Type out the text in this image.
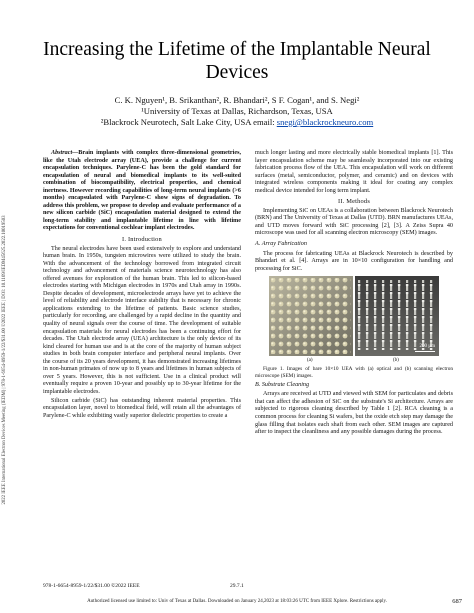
2022 IEEE International Electron Devices Meeting (IEDM) | 978-1-6654-8959-1/22/$31.00 ©2022 IEEE | DOI: 10.1109/IEDM45625.2022.10019503
Increasing the Lifetime of the Implantable Neural Devices
C. K. Nguyen¹, B. Srikanthan², R. Bhandari², S F. Cogan¹, and S. Negi²
¹University of Texas at Dallas, Richardson, Texas, USA
²Blackrock Neurotech, Salt Lake City, USA email: snegi@blackrockneuro.com

Abstract—Brain implants with complex three-dimensional geometries, like the Utah electrode array (UEA), provide a challenge for current encapsulation techniques. Parylene-C has been the gold standard for encapsulation of neural and biomedical implants to its well-suited combination of biocompatibility, electrical properties, and chemical inertness. However recording capabilities of long-term neural implants (>6 months) encapsulated with Parylene-C show signs of degradation. To address this problem, we propose to develop and evaluate performance of a new silicon carbide (SiC) encapsulation material designed to extend the long-term stability and implantable lifetime in line with lifetime expectations for conventional cochlear implant electrodes.

I. Introduction

The neural electrodes have been used extensively to explore and understand human brain. In 1950s, tungsten microwires were utilized to study the brain. With the advancement of the technology borrowed from integrated circuit technology and advancement of materials science neurotechnology has also offered avenues for exploration of the human brain. This led to silicon-based electrodes starting with Michigan electrodes in 1970s and Utah array in 1990s. Despite decades of development, microelectrode arrays have yet to achieve the level of reliability and electrode interface stability that is necessary for chronic applications extending to the lifetime of patients. Basic science studies, particularly for recording, are challenged by a rapid decline in the quantity and quality of neural signals over the course of time. The development of suitable encapsulation materials for neural electrodes has been a continuing effort for decades. The Utah electrode array (UEA) architecture is the only device of its kind cleared for human use and is at the core of the majority of human subject studies in both brain computer interface and peripheral neural implants. Over the course of its 20 years development, it has demonstrated increasing lifetimes in non-human primates of now up to 8 years and lifetimes in human subjects of over 5 years. However, this is not sufficient. Use in a clinical product will eventually require a proven 10-year and possibly up to 30-year lifetime for the implantable electrodes.

Silicon carbide (SiC) has outstanding inherent material properties. This encapsulation layer, novel to biomedical field, will retain all the advantages of Parylene-C while exhibiting vastly superior dielectric properties to create a

much longer lasting and more electrically stable biomedical implants [1]. This layer encapsulation scheme may be seamlessly incorporated into our existing fabrication process flow of the UEA. This encapsulation will work on different surfaces (metal, semiconductor, polymer, and ceramic) and on devices with integrated wireless components making it ideal for coating any complex medical device intended for long term implant.

II. Methods

Implementing SiC on UEAs is a collaboration between Blackrock Neurotech (BRN) and The University of Texas at Dallas (UTD). BRN manufactures UEAs, and UTD moves forward with SiC processing [2], [3]. A Zeiss Supra 40 microscope was used for all scanning electron microscopy (SEM) images.

A. Array Fabrication

The process for fabricating UEAs at Blackrock Neurotech is described by Bhandari et al. [4]. Arrays are in 10×10 configuration for handling and processing for SiC.

200 µm
(a)	(b)

Figure 1. Images of bare 10×10 UEA with (a) optical and (b) scanning electron microscope (SEM) images.

B. Substrate Cleaning

Arrays are received at UTD and viewed with SEM for particulates and debris that can affect the adhesion of SiC on the substrate's Si architecture. Arrays are subjected to rigorous cleaning described by Table 1 [2]. RCA cleaning is a common process for cleaning Si wafers, but the oxide etch step may damage the glass filling that isolates each shaft from each other. SEM images are captured after to inspect the cleanliness and any possible damages during the process.

978-1-6654-8959-1/22/$31.00 ©2022 IEEE	29.7.1
Authorized licensed use limited to: Univ of Texas at Dallas. Downloaded on January 24,2023 at 18:03:26 UTC from IEEE Xplore. Restrictions apply.	687
